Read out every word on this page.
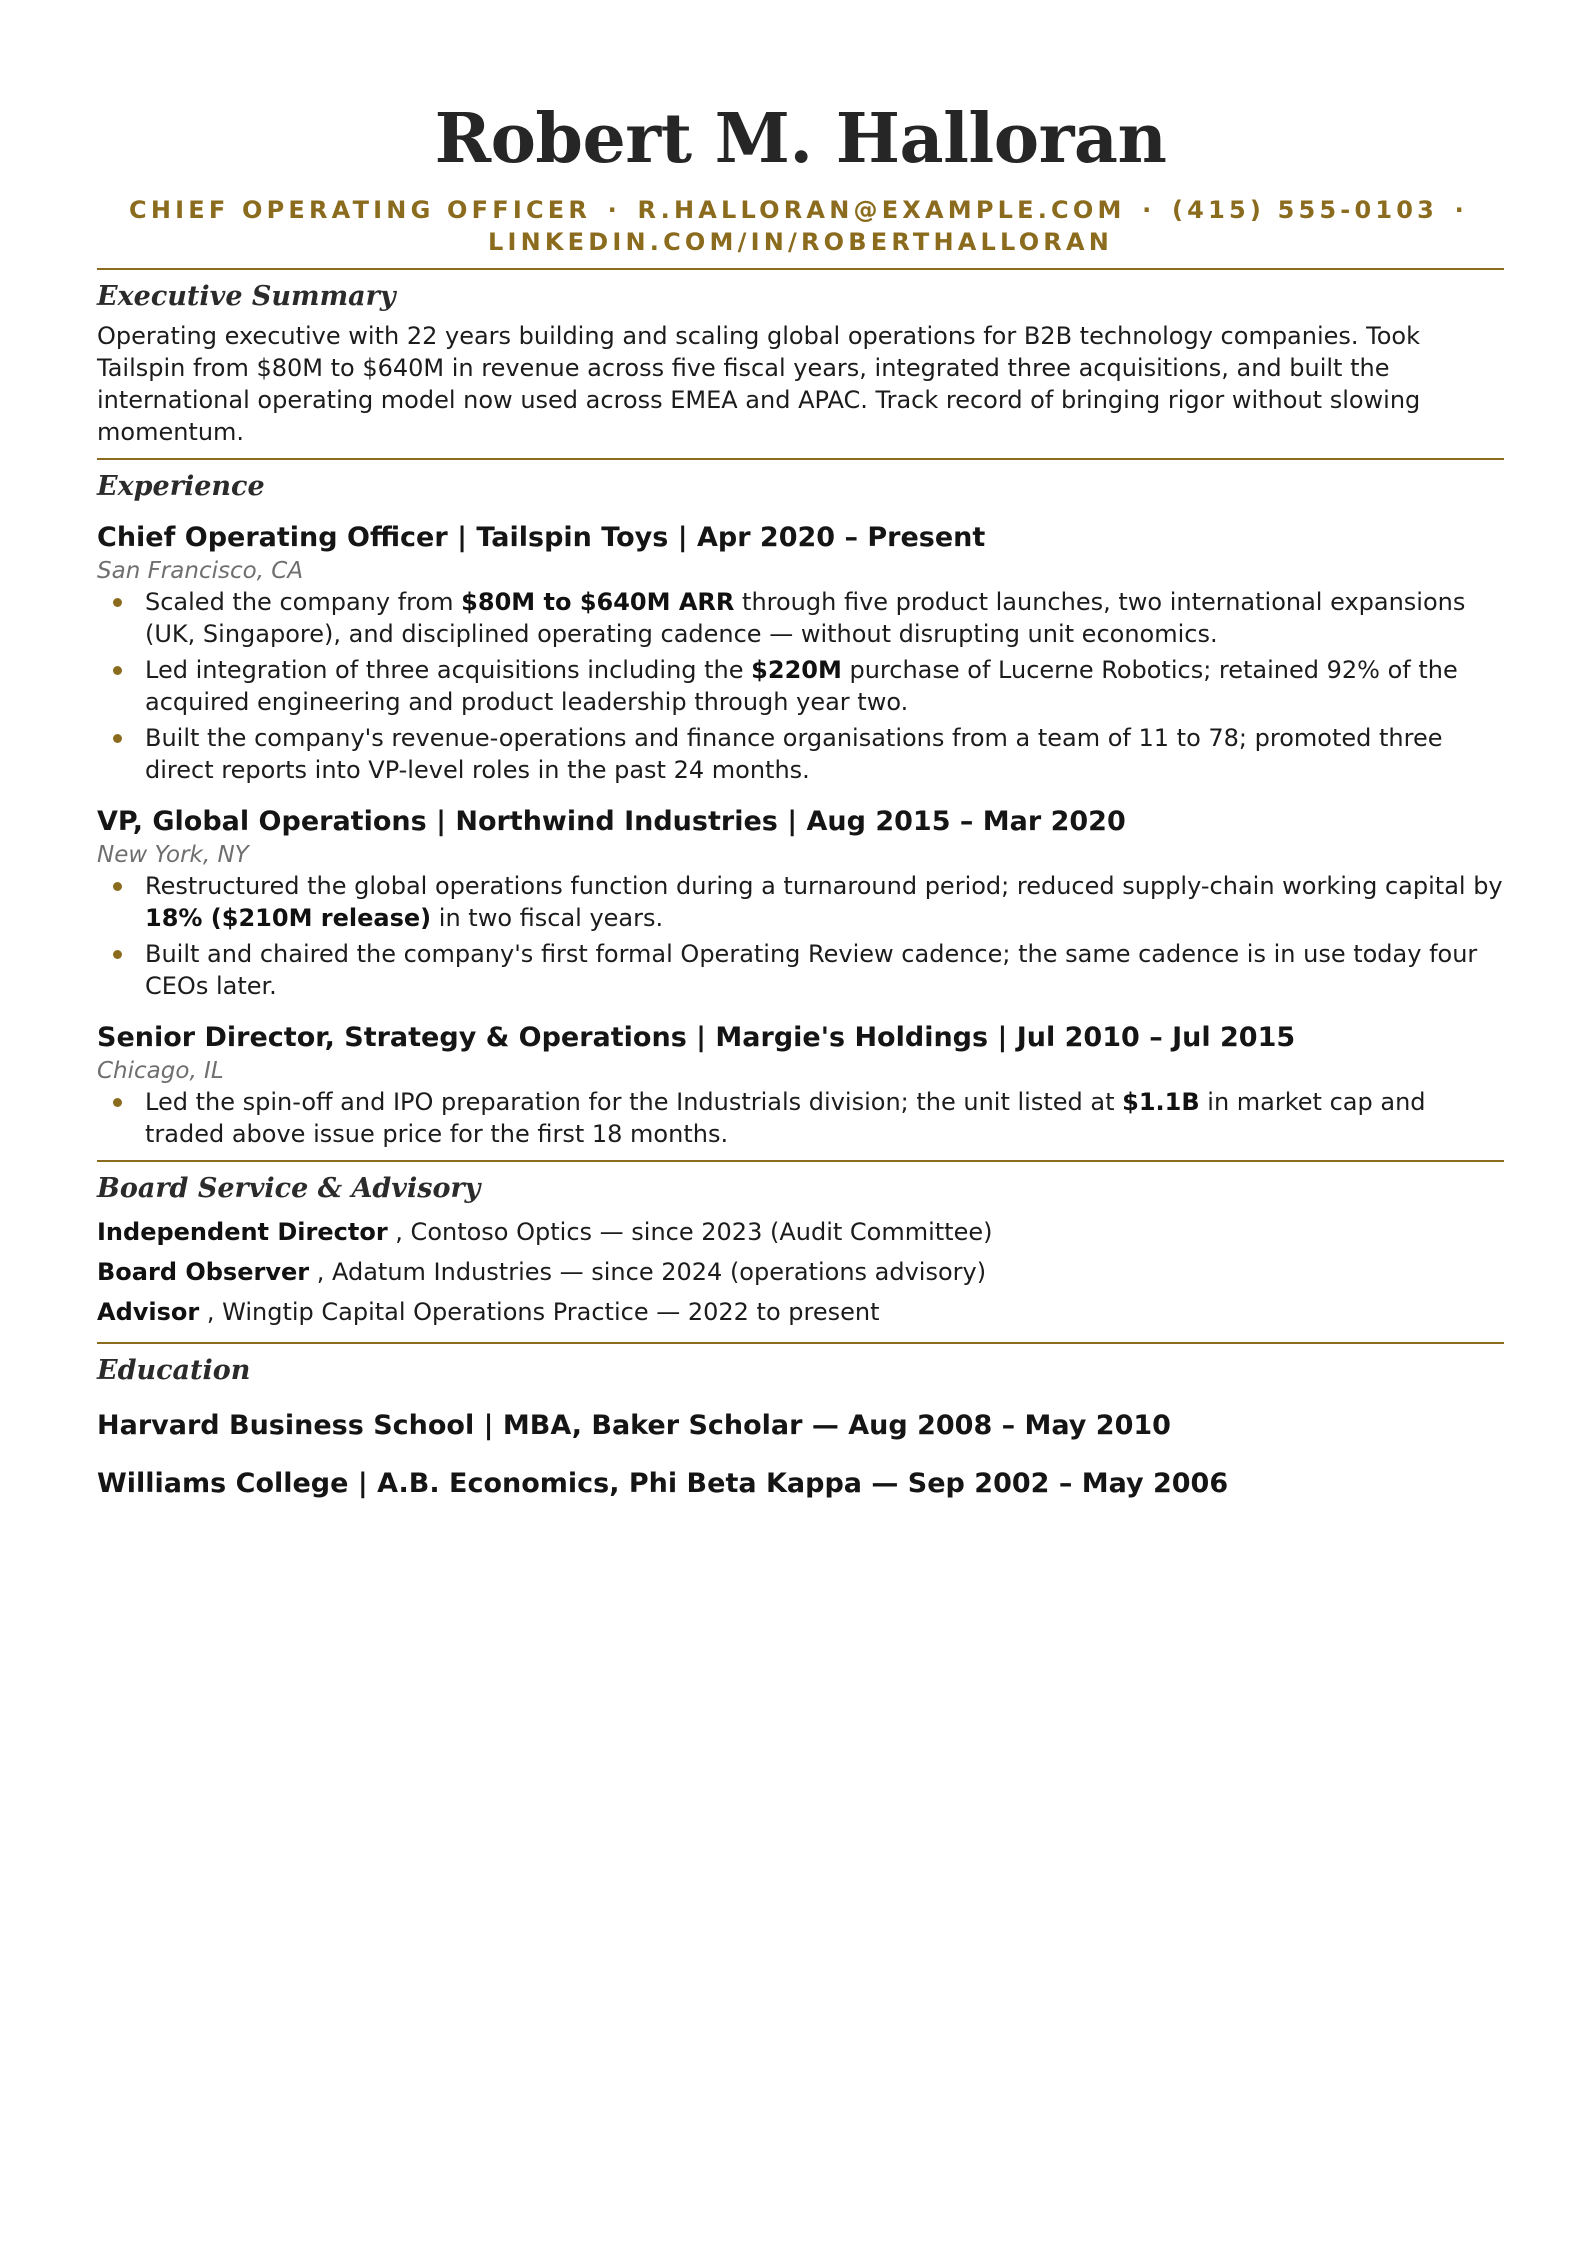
Robert M. Halloran
CHIEF OPERATING OFFICER · R.HALLORAN@EXAMPLE.COM · (415) 555-0103 ·
LINKEDIN.COM/IN/ROBERTHALLORAN
Executive Summary
Operating executive with 22 years building and scaling global operations for B2B technology companies. Took Tailspin from $80M to $640M in revenue across five fiscal years, integrated three acquisitions, and built the international operating model now used across EMEA and APAC. Track record of bringing rigor without slowing momentum.
Experience
Chief Operating Officer | Tailspin Toys | Apr 2020 – Present
San Francisco, CA
Scaled the company from $80M to $640M ARR through five product launches, two international expansions (UK, Singapore), and disciplined operating cadence — without disrupting unit economics.
Led integration of three acquisitions including the $220M purchase of Lucerne Robotics; retained 92% of the acquired engineering and product leadership through year two.
Built the company's revenue-operations and finance organisations from a team of 11 to 78; promoted three direct reports into VP-level roles in the past 24 months.
VP, Global Operations | Northwind Industries | Aug 2015 – Mar 2020
New York, NY
Restructured the global operations function during a turnaround period; reduced supply-chain working capital by 18% ($210M release) in two fiscal years.
Built and chaired the company's first formal Operating Review cadence; the same cadence is in use today four CEOs later.
Senior Director, Strategy & Operations | Margie's Holdings | Jul 2010 – Jul 2015
Chicago, IL
Led the spin-off and IPO preparation for the Industrials division; the unit listed at $1.1B in market cap and traded above issue price for the first 18 months.
Board Service & Advisory
Independent Director , Contoso Optics — since 2023 (Audit Committee)
Board Observer , Adatum Industries — since 2024 (operations advisory)
Advisor , Wingtip Capital Operations Practice — 2022 to present
Education
Harvard Business School | MBA, Baker Scholar — Aug 2008 – May 2010
Williams College | A.B. Economics, Phi Beta Kappa — Sep 2002 – May 2006
